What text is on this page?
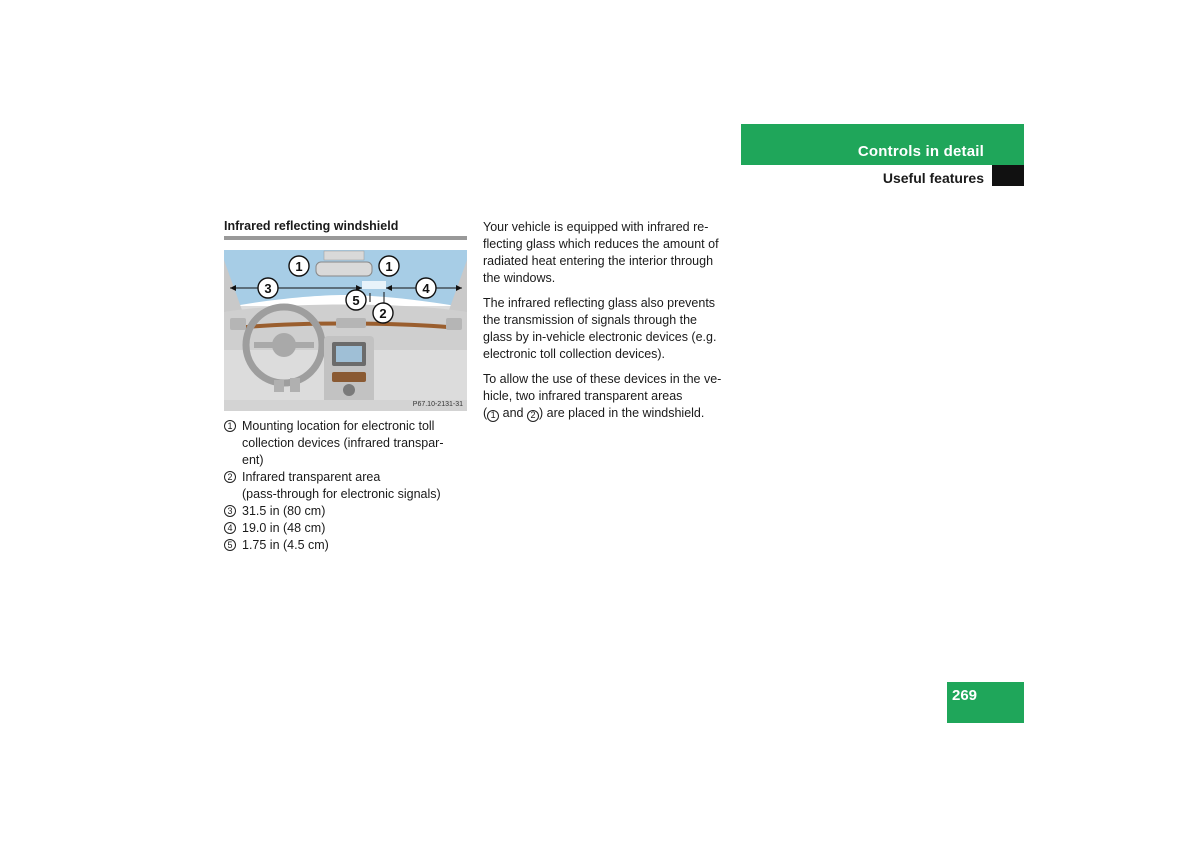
Controls in detail
Useful features
Infrared reflecting windshield
1	1
3	4
5
2
P67.10-2131-31
1 Mounting location for electronic toll
collection devices (infrared transpar-
ent)
2 Infrared transparent area
(pass-through for electronic signals)
3 31.5 in (80 cm)
4 19.0 in (48 cm)
5 1.75 in (4.5 cm)

Your vehicle is equipped with infrared re-
flecting glass which reduces the amount of
radiated heat entering the interior through
the windows.

The infrared reflecting glass also prevents
the transmission of signals through the
glass by in-vehicle electronic devices (e.g.
electronic toll collection devices).

To allow the use of these devices in the ve-
hicle, two infrared transparent areas
( 1 and 2 ) are placed in the windshield.

269
